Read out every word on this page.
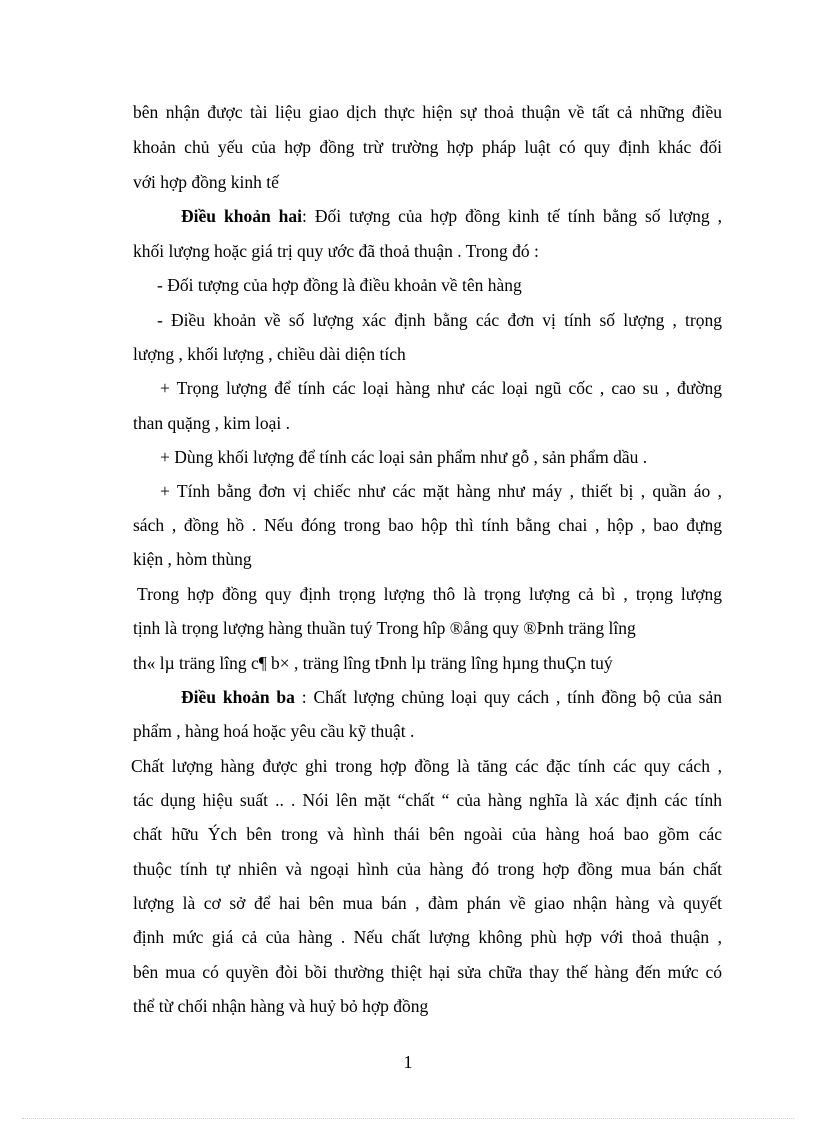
bên nhận được tài liệu giao dịch thực hiện sự thoả thuận về tất cả những điều
khoản chủ yếu của hợp đồng trừ trường hợp pháp luật có quy định khác đối
với hợp đồng kinh tế
Điều khoản hai: Đối tượng của hợp đồng kinh tế tính bằng số lượng ,
khối lượng hoặc giá trị quy ước đã thoả thuận . Trong đó :
- Đối tượng của hợp đồng là điều khoản về tên hàng
- Điều khoản về số lượng xác định bằng các đơn vị tính số lượng , trọng
lượng , khối lượng , chiều dài diện tích
+ Trọng lượng để tính các loại hàng như các loại ngũ cốc , cao su , đường
than quặng , kim loại .
+ Dùng khối lượng để tính các loại sản phẩm như gỗ , sản phẩm dầu .
+ Tính bằng đơn vị chiếc như các mặt hàng như máy , thiết bị , quần áo ,
sách , đồng hồ . Nếu đóng trong bao hộp thì tính bằng chai , hộp , bao đựng
kiện , hòm thùng
Trong hợp đồng quy định trọng lượng thô là trọng lượng cả bì , trọng lượng
tịnh là trọng lượng hàng thuần tuý Trong hîp ®ång quy ®Þnh träng lîng
th« lµ träng lîng c¶ b× , träng lîng tÞnh lµ träng lîng hµng thuÇn tuý
Điều khoản ba : Chất lượng chủng loại quy cách , tính đồng bộ của sản
phẩm , hàng hoá hoặc yêu cầu kỹ thuật .
Chất lượng hàng được ghi trong hợp đồng là tăng các đặc tính các quy cách ,
tác dụng hiệu suất .. . Nói lên mặt “chất “ của hàng nghĩa là xác định các tính
chất hữu Ých bên trong và hình thái bên ngoài của hàng hoá bao gồm các
thuộc tính tự nhiên và ngoại hình của hàng đó trong hợp đồng mua bán chất
lượng là cơ sở để hai bên mua bán , đàm phán về giao nhận hàng và quyết
định mức giá cả của hàng . Nếu chất lượng không phù hợp với thoả thuận ,
bên mua có quyền đòi bồi thường thiệt hại sửa chữa thay thế hàng đến mức có
thể từ chối nhận hàng và huỷ bỏ hợp đồng
1
